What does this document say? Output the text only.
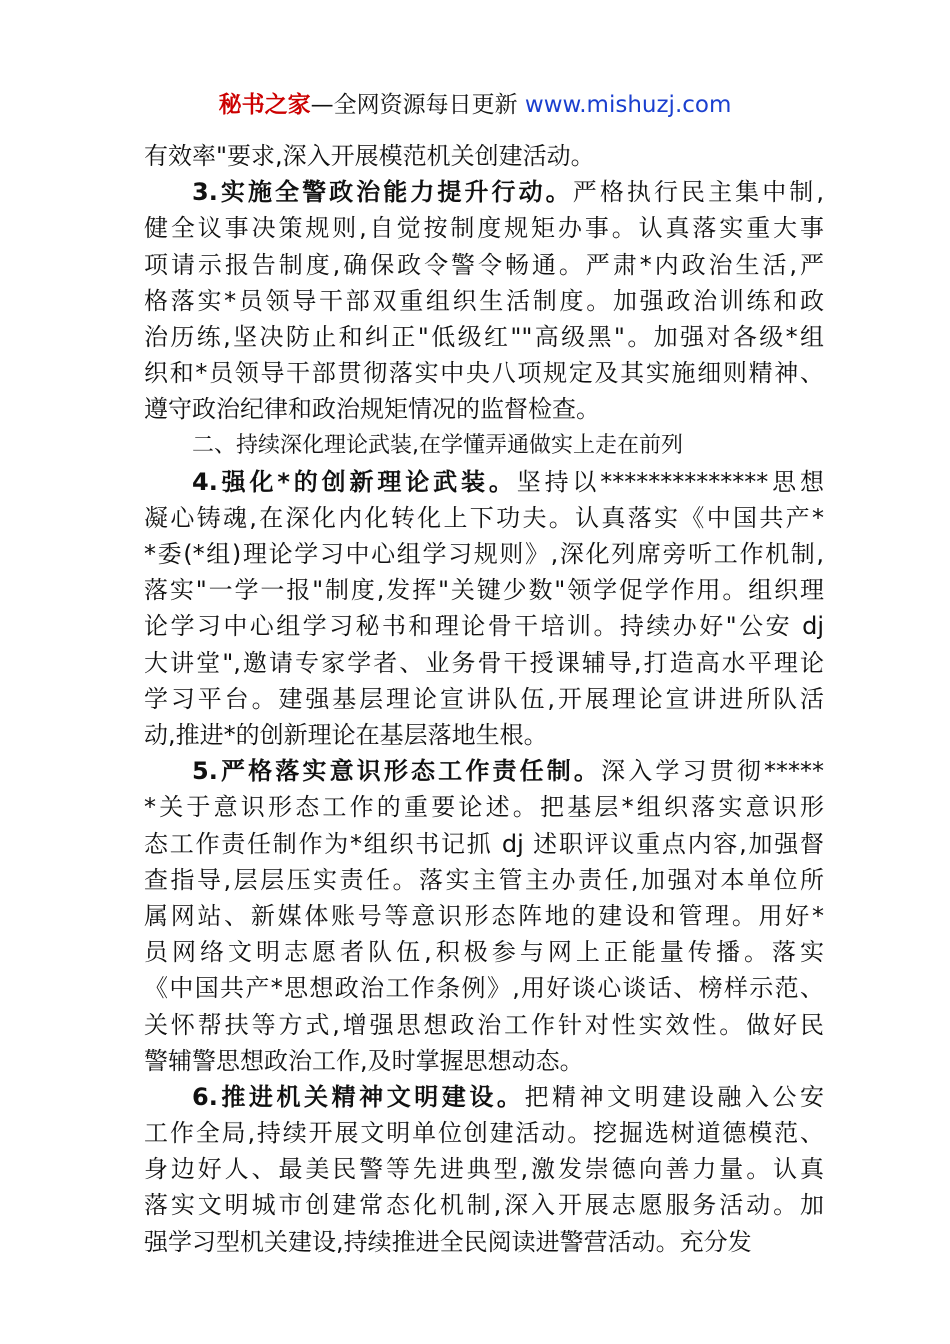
秘书之家—全网资源每日更新 www.mishuzj.com
有效率"要求,深入开展模范机关创建活动。
3.实施全警政治能力提升行动。严格执行民主集中制,
健全议事决策规则,自觉按制度规矩办事。认真落实重大事
项请示报告制度,确保政令警令畅通。严肃*内政治生活,严
格落实*员领导干部双重组织生活制度。加强政治训练和政
治历练,坚决防止和纠正"低级红""高级黑"。加强对各级*组
织和*员领导干部贯彻落实中央八项规定及其实施细则精神、
遵守政治纪律和政治规矩情况的监督检查。
二、持续深化理论武装,在学懂弄通做实上走在前列
4.强化*的创新理论武装。坚持以**************思想
凝心铸魂,在深化内化转化上下功夫。认真落实《中国共产*
*委(*组)理论学习中心组学习规则》,深化列席旁听工作机制,
落实"一学一报"制度,发挥"关键少数"领学促学作用。组织理
论学习中心组学习秘书和理论骨干培训。持续办好"公安 dj
大讲堂",邀请专家学者、业务骨干授课辅导,打造高水平理论
学习平台。建强基层理论宣讲队伍,开展理论宣讲进所队活
动,推进*的创新理论在基层落地生根。
5.严格落实意识形态工作责任制。深入学习贯彻*****
*关于意识形态工作的重要论述。把基层*组织落实意识形
态工作责任制作为*组织书记抓 dj 述职评议重点内容,加强督
查指导,层层压实责任。落实主管主办责任,加强对本单位所
属网站、新媒体账号等意识形态阵地的建设和管理。用好*
员网络文明志愿者队伍,积极参与网上正能量传播。落实
《中国共产*思想政治工作条例》,用好谈心谈话、榜样示范、
关怀帮扶等方式,增强思想政治工作针对性实效性。做好民
警辅警思想政治工作,及时掌握思想动态。
6.推进机关精神文明建设。把精神文明建设融入公安
工作全局,持续开展文明单位创建活动。挖掘选树道德模范、
身边好人、最美民警等先进典型,激发崇德向善力量。认真
落实文明城市创建常态化机制,深入开展志愿服务活动。加
强学习型机关建设,持续推进全民阅读进警营活动。充分发
